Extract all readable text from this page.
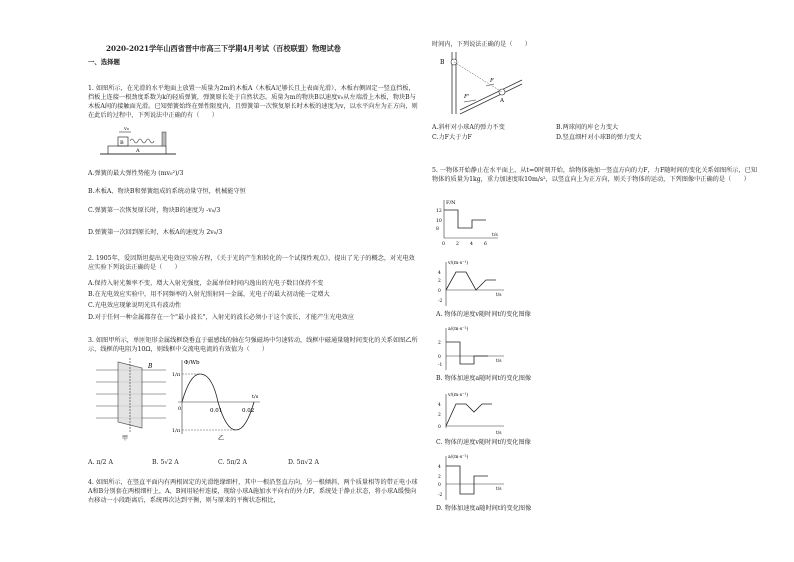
2020-2021学年山西省晋中市高三下学期4月考试（百校联盟）物理试卷
一、选择题
1. 如图所示，在光滑的水平地面上放置一质量为2m的木板A（木板A足够长且上表面光滑），木板右侧固定一竖直挡板，挡板上连接一根劲度系数为k的轻质弹簧，弹簧原长处于自然状态。质量为m的物块B以速度v₀从左端滑上木板，物块B与木板A间的接触面光滑。已知弹簧始终在弹性限度内，且弹簧第一次恢复原长时木板的速度为v，以水平向左为正方向，则在此后的过程中，下列说法中正确的有（　　）
v₀
B
A
A.弹簧的最大弹性势能为 (mv₀²)/3
B.木板A、物块B和弹簧组成的系统动量守恒，机械能守恒
C.弹簧第一次恢复原长时，物块B的速度为 -v₀/3
D.弹簧第一次回到原长时，木板A的速度为 2v₀/3
2. 1905年，爱因斯坦提出光电效应实验方程，《关于光的产生和转化的一个试探性观点》，提出了光子的概念，对光电效应实验下列说法正确的是（　　）
A.保持入射光频率不变，增大入射光强度，金属单位时间内逸出的光电子数目保持不变
B.在光电效应实验中，用不同频率的入射光照射同一金属，光电子的最大初动能一定增大
C.光电效应现象说明光具有波动性
D.对于任何一种金属都存在一个"最小波长"，入射光的波长必须小于这个波长，才能产生光电效应
3. 如图甲所示，单匝矩形金属线框绕垂直于磁感线的轴在匀强磁场中匀速转动，线框中磁通量随时间变化的关系如图乙所示，线框的电阻为10Ω，则线框中交流电电流的有效值为（　　）
B
甲
Φ/Wb
1/π
1/π
0	0.01	0.02
t/s
乙
A. π/2 A	B. 5√2 A	C. 5π/2 A	D. 5π√2 A
4. 如图所示，在竖直平面内有两根固定的光滑绝缘细杆，其中一根沿竖直方向，另一根倾斜，两个质量相等的带正电小球A和B分别套在两根细杆上，A、B间用轻杆连接，现给小球A施加水平向右的外力F，系统处于静止状态，将小球A缓慢向右移动一小段距离后，系统再次达到平衡，则与原来的平衡状态相比，
时间内，下列说法正确的是（　　）
B
F
F'
A
A.斜杆对小球A的弹力不变	B.两球间的库仑力变大
C.力F大于力F	D.竖直细杆对小球B的弹力变大
5. 一物体开始静止在水平面上，从t=0时刻开始，给物体施加一竖直方向的力F，力F随时间的变化关系如图所示，已知物体的质量为1kg，重力加速度取10m/s²，以竖直向上为正方向，则关于物体的运动，下列图像中正确的是（　　）
F/N
12
10
8
0 2 4 6
t/s
v/(m·s⁻¹)
4
2
0
-2
t/s
A. 物体的速度v随时间t的变化图像
a/(m·s⁻²)
2
0
-1
t/s
B. 物体加速度a随时间t的变化图像
v/(m·s⁻¹)
4
2
0
t/s
C. 物体的速度v随时间t的变化图像
a/(m·s⁻²)
4
2
0
-2
t/s
D. 物体加速度a随时间t的变化图像
